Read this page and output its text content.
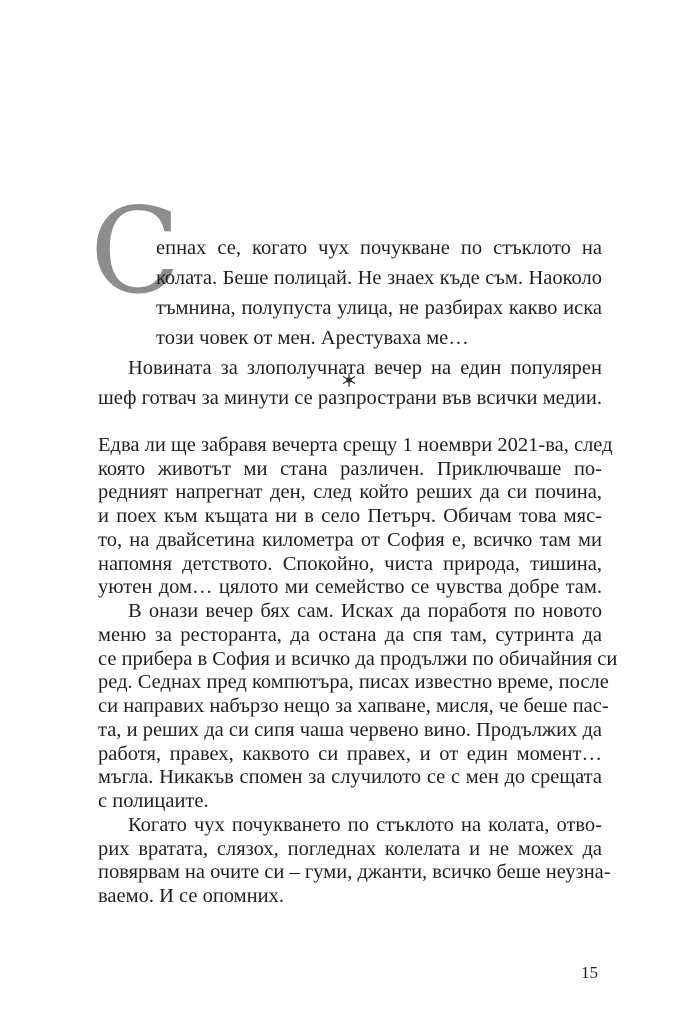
С
епнах се, когато чух почукване по стъклото на
колата. Беше полицай. Не знаех къде съм. Наоколо
тъмнина, полупуста улица, не разбирах какво иска
този човек от мен. Арестуваха ме…
Новината за злополучната вечер на един популярен
шеф готвач за минути се разпространи във всички медии.
Едва ли ще забравя вечерта срещу 1 ноември 2021-ва, след
която животът ми стана различен. Приключваше по-
редният напрегнат ден, след който реших да си почина,
и поех към къщата ни в село Петърч. Обичам това мяс-
то, на двайсетина километра от София е, всичко там ми
напомня детството. Спокойно, чиста природа, тишина,
уютен дом… цялото ми семейство се чувства добре там.
В онази вечер бях сам. Исках да поработя по новото
меню за ресторанта, да остана да спя там, сутринта да
се прибера в София и всичко да продължи по обичайния си
ред. Седнах пред компютъра, писах известно време, после
си направих набързо нещо за хапване, мисля, че беше пас-
та, и реших да си сипя чаша червено вино. Продължих да
работя, правех, каквото си правех, и от един момент…
мъгла. Никакъв спомен за случилото се с мен до срещата
с полицаите.
Когато чух почукването по стъклото на колата, отво-
рих вратата, слязох, погледнах колелата и не можех да
повярвам на очите си – гуми, джанти, всичко беше неузна-
ваемо. И се опомних.
15
